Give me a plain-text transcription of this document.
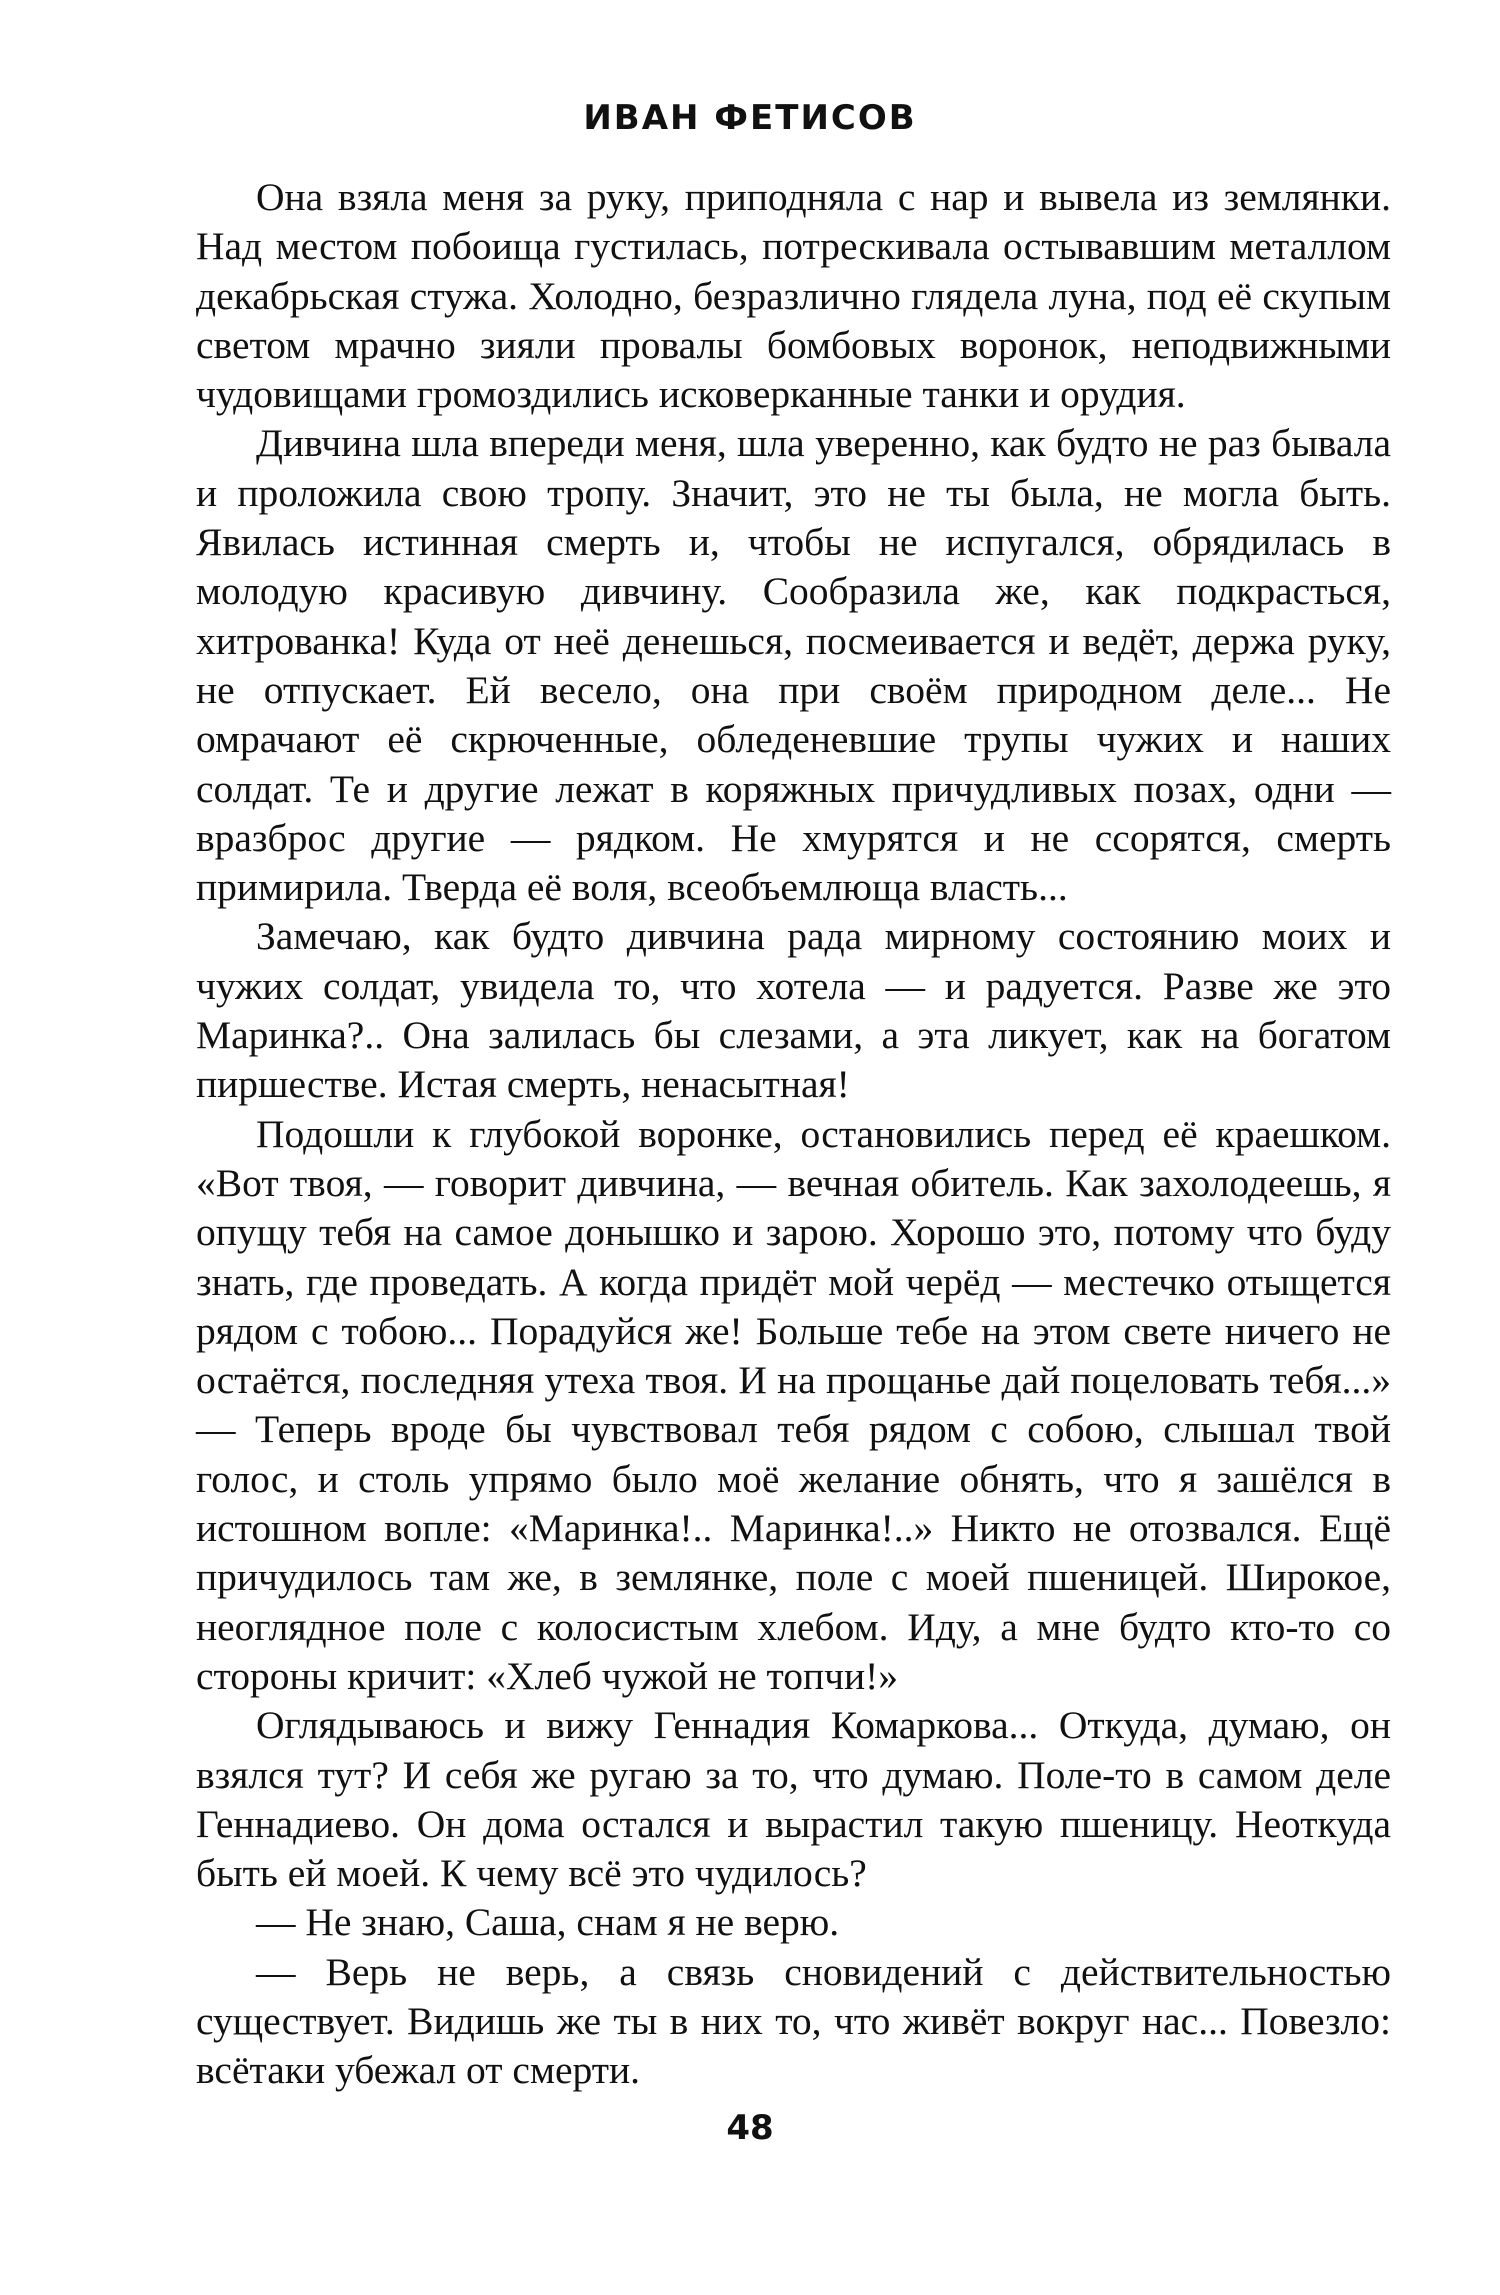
ИВАН ФЕТИСОВ

Она взяла меня за руку, приподняла с нар и вывела из землянки. Над местом побоища густилась, потрескивала остывавшим металлом декабрьская стужа. Холодно, безразлично глядела луна, под её скупым светом мрачно зияли провалы бомбовых воронок, неподвижными чудовищами громоздились исковерканные танки и орудия.

Дивчина шла впереди меня, шла уверенно, как будто не раз бывала и проложила свою тропу. Значит, это не ты была, не могла быть. Явилась истинная смерть и, чтобы не испугался, обрядилась в молодую красивую дивчину. Сообразила же, как подкрасться, хитрованка! Куда от неё денешься, посмеивается и ведёт, держа руку, не отпускает. Ей весело, она при своём природном деле... Не омрачают её скрюченные, обледеневшие трупы чужих и наших солдат. Те и другие лежат в коряжных причудливых позах, одни — вразброс другие — рядком. Не хмурятся и не ссорятся, смерть примирила. Тверда её воля, всеобъемлюща власть...

Замечаю, как будто дивчина рада мирному состоянию моих и чужих солдат, увидела то, что хотела — и радуется. Разве же это Маринка?.. Она залилась бы слезами, а эта ликует, как на богатом пиршестве. Истая смерть, ненасытная!

Подошли к глубокой воронке, остановились перед её краешком. «Вот твоя, — говорит дивчина, — вечная обитель. Как захолодеешь, я опущу тебя на самое донышко и зарою. Хорошо это, потому что буду знать, где проведать. А когда придёт мой черёд — местечко отыщется рядом с тобою... Порадуйся же! Больше тебе на этом свете ничего не остаётся, последняя утеха твоя. И на прощанье дай поцеловать тебя...» — Теперь вроде бы чувствовал тебя рядом с собою, слышал твой голос, и столь упрямо было моё желание обнять, что я зашёлся в истошном вопле: «Маринка!.. Маринка!..» Никто не отозвался. Ещё причудилось там же, в землянке, поле с моей пшеницей. Широкое, неоглядное поле с колосистым хлебом. Иду, а мне будто кто-то со стороны кричит: «Хлеб чужой не топчи!»

Оглядываюсь и вижу Геннадия Комаркова... Откуда, думаю, он взялся тут? И себя же ругаю за то, что думаю. Поле-то в самом деле Геннадиево. Он дома остался и вырастил такую пшеницу. Неоткуда быть ей моей. К чему всё это чудилось?

— Не знаю, Саша, снам я не верю.

— Верь не верь, а связь сновидений с действительностью существует. Видишь же ты в них то, что живёт вокруг нас... Повезло: всётаки убежал от смерти.

48
